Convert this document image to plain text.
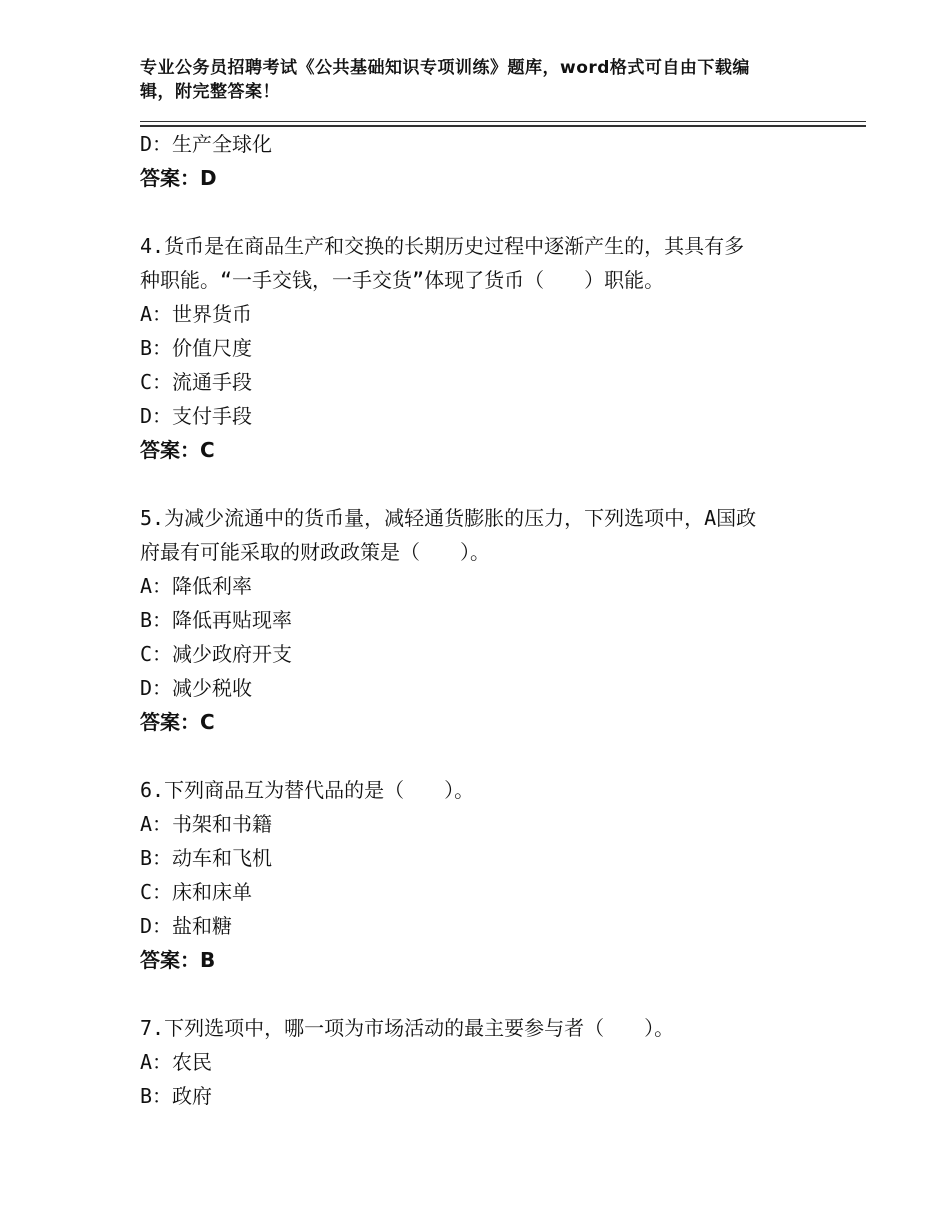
专业公务员招聘考试《公共基础知识专项训练》题库，word格式可自由下载编
辑，附完整答案！
D：生产全球化
答案：D
4.货币是在商品生产和交换的长期历史过程中逐渐产生的，其具有多
种职能。“一手交钱，一手交货”体现了货币（　　）职能。
A：世界货币
B：价值尺度
C：流通手段
D：支付手段
答案：C
5.为减少流通中的货币量，减轻通货膨胀的压力，下列选项中，A国政
府最有可能采取的财政政策是（　　）。
A：降低利率
B：降低再贴现率
C：减少政府开支
D：减少税收
答案：C
6.下列商品互为替代品的是（　　）。
A：书架和书籍
B：动车和飞机
C：床和床单
D：盐和糖
答案：B
7.下列选项中，哪一项为市场活动的最主要参与者（　　）。
A：农民
B：政府
